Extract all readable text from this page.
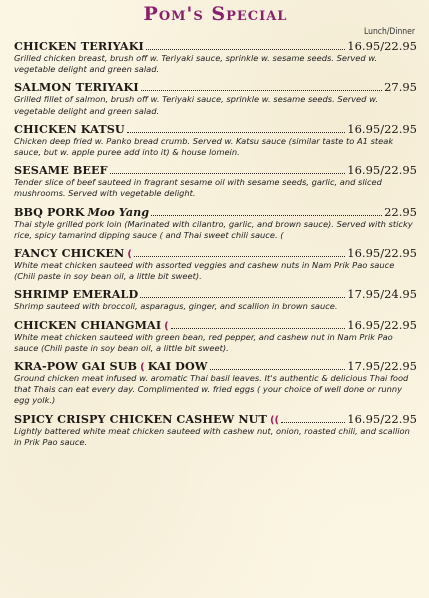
Pom's Special
Lunch/Dinner
CHICKEN TERIYAKI	16.95/22.95

Grilled chicken breast, brush off w. Teriyaki sauce, sprinkle w. sesame seeds. Served w. vegetable delight and green salad.

SALMON TERIYAKI	27.95

Grilled fillet of salmon, brush off w. Teriyaki sauce, sprinkle w. sesame seeds. Served w. vegetable delight and green salad.

CHICKEN KATSU	16.95/22.95

Chicken deep fried w. Panko bread crumb. Served w. Katsu sauce (similar taste to A1 steak sauce, but w. apple puree add into it) & house lomein.

SESAME BEEF	16.95/22.95

Tender slice of beef sauteed in fragrant sesame oil with sesame seeds, garlic, and sliced mushrooms. Served with vegetable delight.

BBQ PORK Moo Yang	22.95

Thai style grilled pork loin (Marinated with cilantro, garlic, and brown sauce). Served with sticky rice, spicy tamarind dipping sauce ( and Thai sweet chili sauce. (

FANCY CHICKEN (	16.95/22.95

White meat chicken sauteed with assorted veggies and cashew nuts in Nam Prik Pao sauce (Chili paste in soy bean oil, a little bit sweet).

SHRIMP EMERALD	17.95/24.95

Shrimp sauteed with broccoli, asparagus, ginger, and scallion in brown sauce.

CHICKEN CHIANGMAI (	16.95/22.95

White meat chicken sauteed with green bean, red pepper, and cashew nut in Nam Prik Pao sauce (Chili paste in soy bean oil, a little bit sweet).

KRA-POW GAI SUB ( KAI DOW	17.95/22.95

Ground chicken meat infused w. aromatic Thai basil leaves. It's authentic & delicious Thai food that Thais can eat every day. Complimented w. fried eggs ( your choice of well done or runny egg yolk.)

SPICY CRISPY CHICKEN CASHEW NUT ((	16.95/22.95

Lightly battered white meat chicken sauteed with cashew nut, onion, roasted chili, and scallion in Prik Pao sauce.
